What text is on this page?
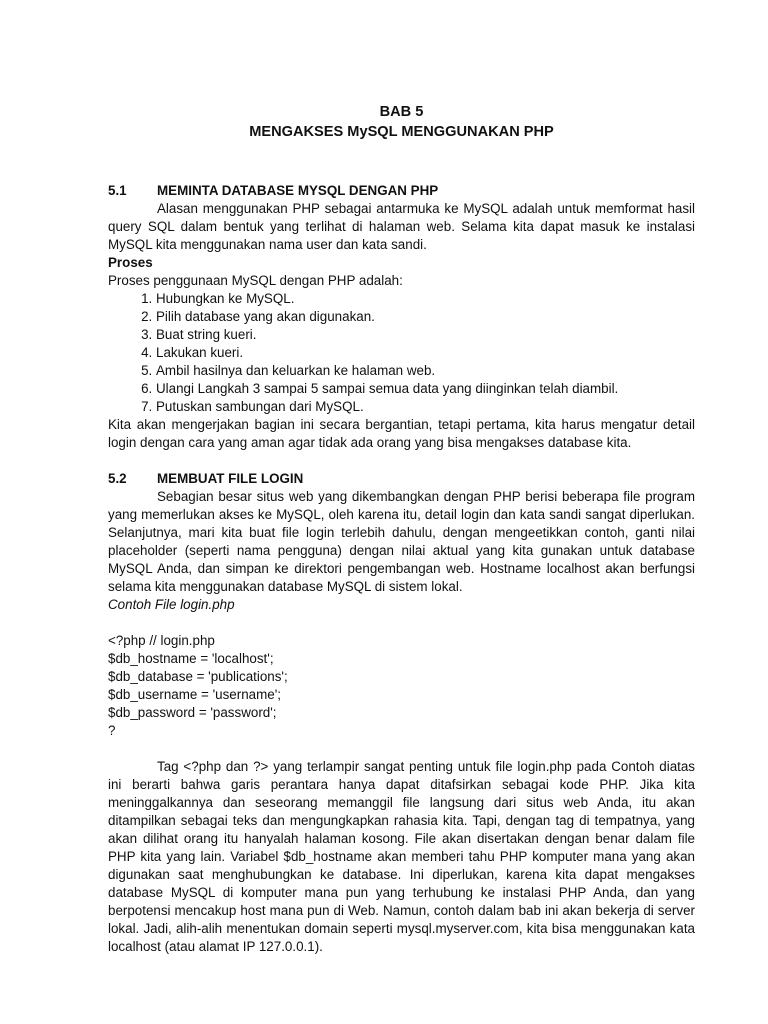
BAB 5

MENGAKSES MySQL MENGGUNAKAN PHP

5.1	MEMINTA DATABASE MYSQL DENGAN PHP

Alasan menggunakan PHP sebagai antarmuka ke MySQL adalah untuk memformat hasil query SQL dalam bentuk yang terlihat di halaman web. Selama kita dapat masuk ke instalasi MySQL kita menggunakan nama user dan kata sandi.

Proses

Proses penggunaan MySQL dengan PHP adalah:

1. Hubungkan ke MySQL.
2. Pilih database yang akan digunakan.
3. Buat string kueri.
4. Lakukan kueri.
5. Ambil hasilnya dan keluarkan ke halaman web.
6. Ulangi Langkah 3 sampai 5 sampai semua data yang diinginkan telah diambil.
7. Putuskan sambungan dari MySQL.

Kita akan mengerjakan bagian ini secara bergantian, tetapi pertama, kita harus mengatur detail login dengan cara yang aman agar tidak ada orang yang bisa mengakses database kita.

5.2	MEMBUAT FILE LOGIN

Sebagian besar situs web yang dikembangkan dengan PHP berisi beberapa file program yang memerlukan akses ke MySQL, oleh karena itu, detail login dan kata sandi sangat diperlukan. Selanjutnya, mari kita buat file login terlebih dahulu, dengan mengeetikkan contoh, ganti nilai placeholder (seperti nama pengguna) dengan nilai aktual yang kita gunakan untuk database MySQL Anda, dan simpan ke direktori pengembangan web. Hostname localhost akan berfungsi selama kita menggunakan database MySQL di sistem lokal.

Contoh File login.php

<?php // login.php

$db_hostname = 'localhost';

$db_database = 'publications';

$db_username = 'username';

$db_password = 'password';

?

Tag <?php dan ?> yang terlampir sangat penting untuk file login.php pada Contoh diatas ini berarti bahwa garis perantara hanya dapat ditafsirkan sebagai kode PHP. Jika kita meninggalkannya dan seseorang memanggil file langsung dari situs web Anda, itu akan ditampilkan sebagai teks dan mengungkapkan rahasia kita. Tapi, dengan tag di tempatnya, yang akan dilihat orang itu hanyalah halaman kosong. File akan disertakan dengan benar dalam file PHP kita yang lain. Variabel $db_hostname akan memberi tahu PHP komputer mana yang akan digunakan saat menghubungkan ke database. Ini diperlukan, karena kita dapat mengakses database MySQL di komputer mana pun yang terhubung ke instalasi PHP Anda, dan yang berpotensi mencakup host mana pun di Web. Namun, contoh dalam bab ini akan bekerja di server lokal. Jadi, alih-alih menentukan domain seperti mysql.myserver.com, kita bisa menggunakan kata localhost (atau alamat IP 127.0.0.1).
